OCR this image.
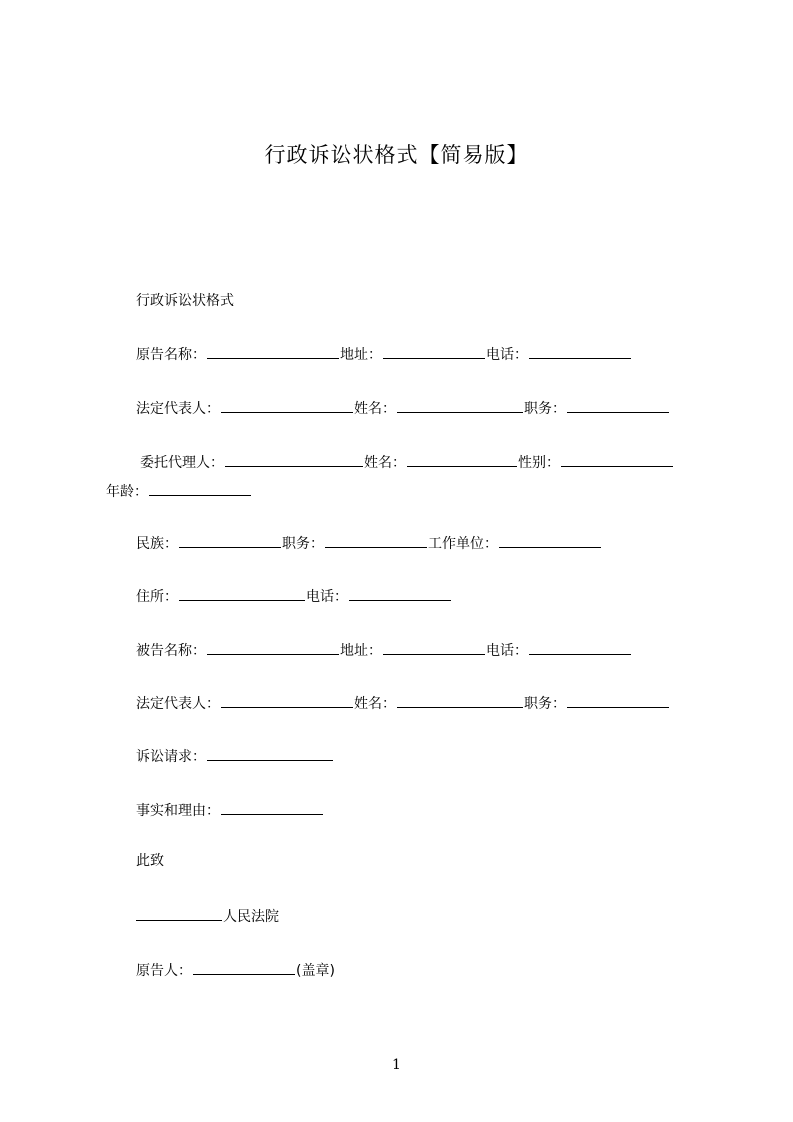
行政诉讼状格式【简易版】
行政诉讼状格式
原告名称：	地址：	电话：
法定代表人：	姓名：	职务：
委托代理人：	姓名：	性别：
年龄：
民族：	职务：	工作单位：
住所：	电话：
被告名称：	地址：	电话：
法定代表人：	姓名：	职务：
诉讼请求：
事实和理由：
此致
人民法院
原告人：	(盖章)
1
